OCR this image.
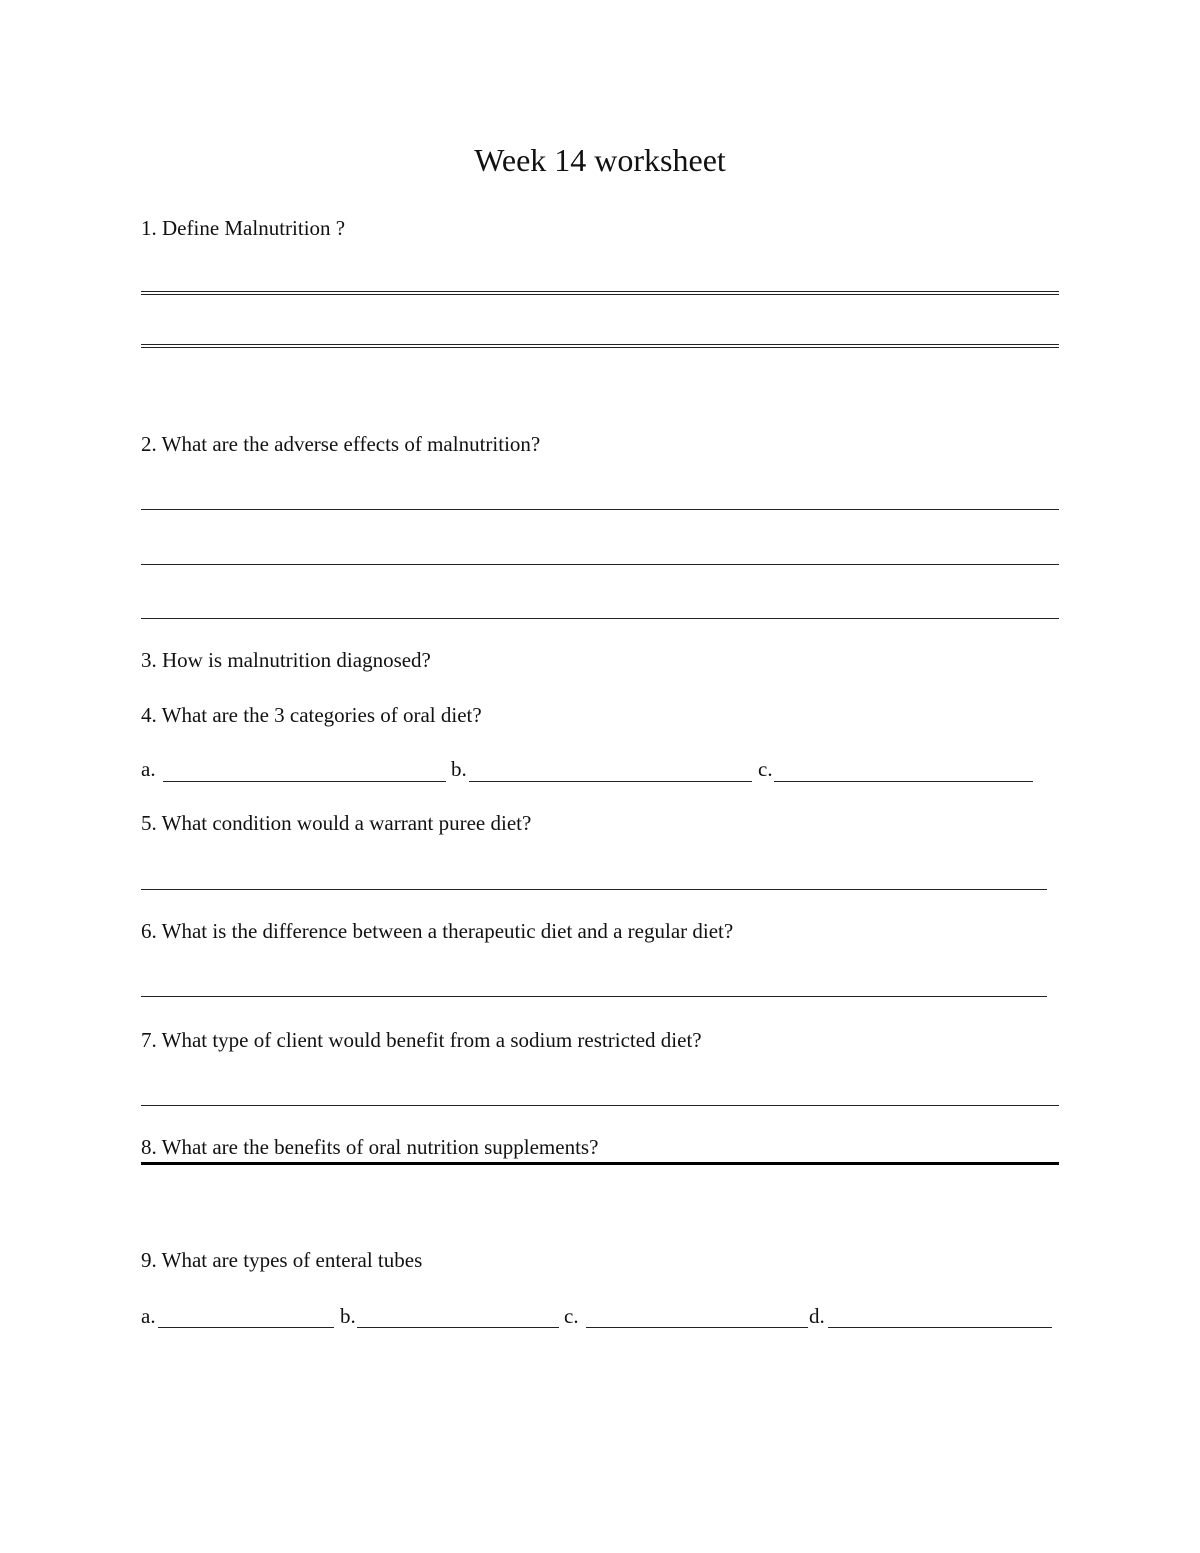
Week 14 worksheet
1. Define Malnutrition ?
2. What are the adverse effects of malnutrition?
3. How is malnutrition diagnosed?
4. What are the 3 categories of oral diet?
a.	b.	c.
5. What condition would a warrant puree diet?
6. What is the difference between a therapeutic diet and a regular diet?
7. What type of client would benefit from a sodium restricted diet?
8. What are the benefits of oral nutrition supplements?
9. What are types of enteral tubes
a.	b.	c.	d.
